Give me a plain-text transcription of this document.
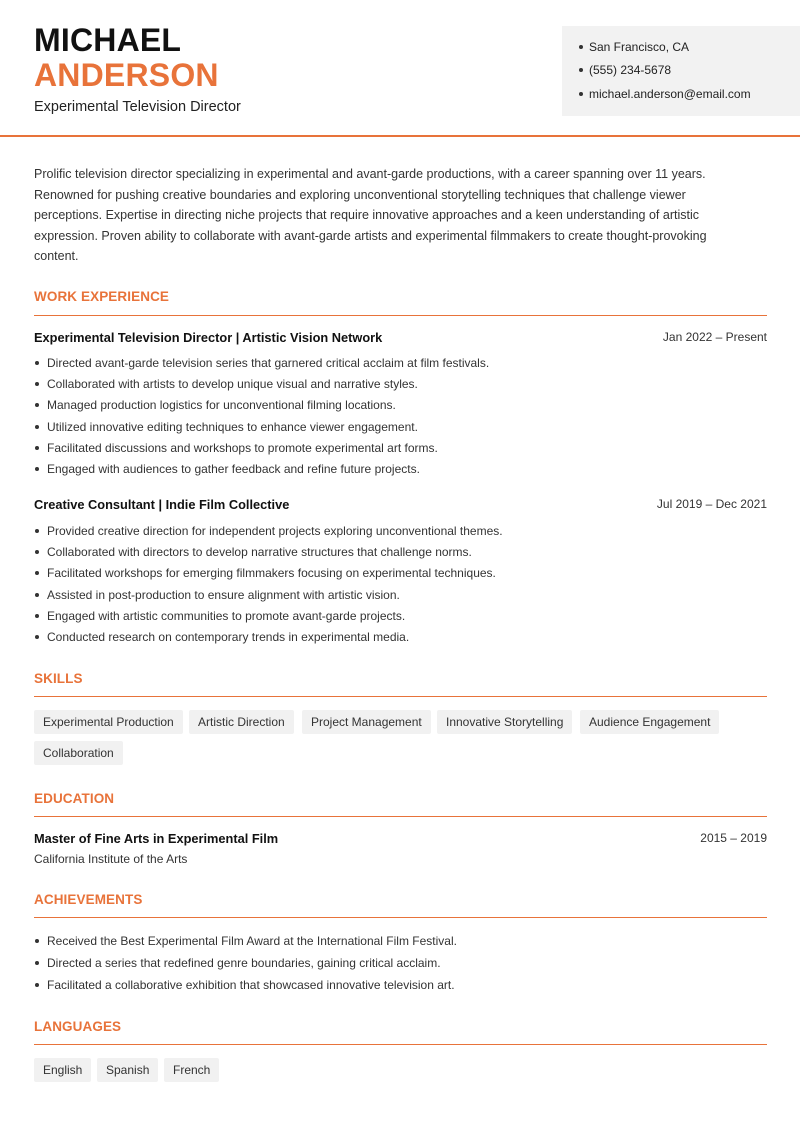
MICHAEL
ANDERSON
Experimental Television Director
San Francisco, CA
(555) 234-5678
michael.anderson@email.com
Prolific television director specializing in experimental and avant-garde productions, with a career spanning over 11 years. Renowned for pushing creative boundaries and exploring unconventional storytelling techniques that challenge viewer perceptions. Expertise in directing niche projects that require innovative approaches and a keen understanding of artistic expression. Proven ability to collaborate with avant-garde artists and experimental filmmakers to create thought-provoking content.
WORK EXPERIENCE
Experimental Television Director | Artistic Vision Network	Jan 2022 – Present
Directed avant-garde television series that garnered critical acclaim at film festivals.
Collaborated with artists to develop unique visual and narrative styles.
Managed production logistics for unconventional filming locations.
Utilized innovative editing techniques to enhance viewer engagement.
Facilitated discussions and workshops to promote experimental art forms.
Engaged with audiences to gather feedback and refine future projects.
Creative Consultant | Indie Film Collective	Jul 2019 – Dec 2021
Provided creative direction for independent projects exploring unconventional themes.
Collaborated with directors to develop narrative structures that challenge norms.
Facilitated workshops for emerging filmmakers focusing on experimental techniques.
Assisted in post-production to ensure alignment with artistic vision.
Engaged with artistic communities to promote avant-garde projects.
Conducted research on contemporary trends in experimental media.
SKILLS
Experimental Production	Artistic Direction	Project Management	Innovative Storytelling	Audience Engagement
Collaboration
EDUCATION
Master of Fine Arts in Experimental Film	2015 – 2019
California Institute of the Arts
ACHIEVEMENTS
Received the Best Experimental Film Award at the International Film Festival.
Directed a series that redefined genre boundaries, gaining critical acclaim.
Facilitated a collaborative exhibition that showcased innovative television art.
LANGUAGES
English	Spanish	French
